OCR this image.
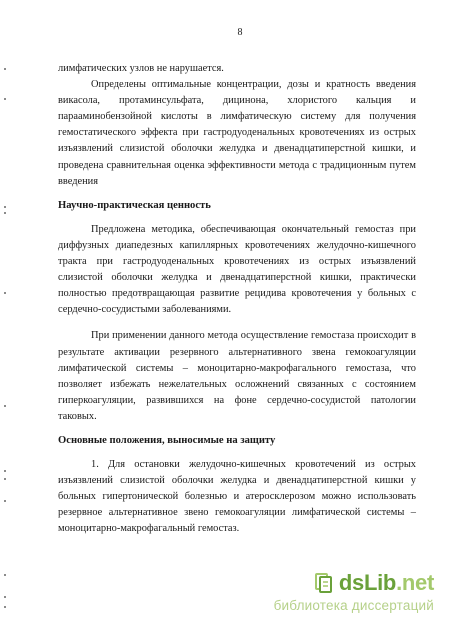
8

лимфатических узлов не нарушается.

Определены оптимальные концентрации, дозы и кратность введения викасола, протаминсульфата, дицинона, хлористого кальция и парааминобензойной кислоты в лимфатическую систему для получения гемостатического эффекта при гастродуоденальных кровотечениях из острых изъязвлений слизистой оболочки желудка и двенадцатиперстной кишки, и проведена сравнительная оценка эффективности метода с традиционным путем введения

Научно-практическая ценность

Предложена методика, обеспечивающая окончательный гемостаз при диффузных диапедезных капиллярных кровотечениях желудочно-кишечного тракта при гастродуоденальных кровотечениях из острых изъязвлений слизистой оболочки желудка и двенадцатиперстной кишки, практически полностью предотвращающая развитие рецидива кровотечения у больных с сердечно-сосудистыми заболеваниями.

При применении данного метода осуществление гемостаза происходит в результате активации резервного альтернативного звена гемокоагуляции лимфатической системы – моноцитарно-макрофагального гемостаза, что позволяет избежать нежелательных осложнений связанных с состоянием гиперкоагуляции, развившихся на фоне сердечно-сосудистой патологии таковых.

Основные положения, выносимые на защиту

1. Для остановки желудочно-кишечных кровотечений из острых изъязвлений слизистой оболочки желудка и двенадцатиперстной кишки у больных гипертонической болезнью и атеросклерозом можно использовать резервное альтернативное звено гемокоагуляции лимфатической системы – моноцитарно-макрофагальный гемостаз.

dsLib.net
библиотека диссертаций
